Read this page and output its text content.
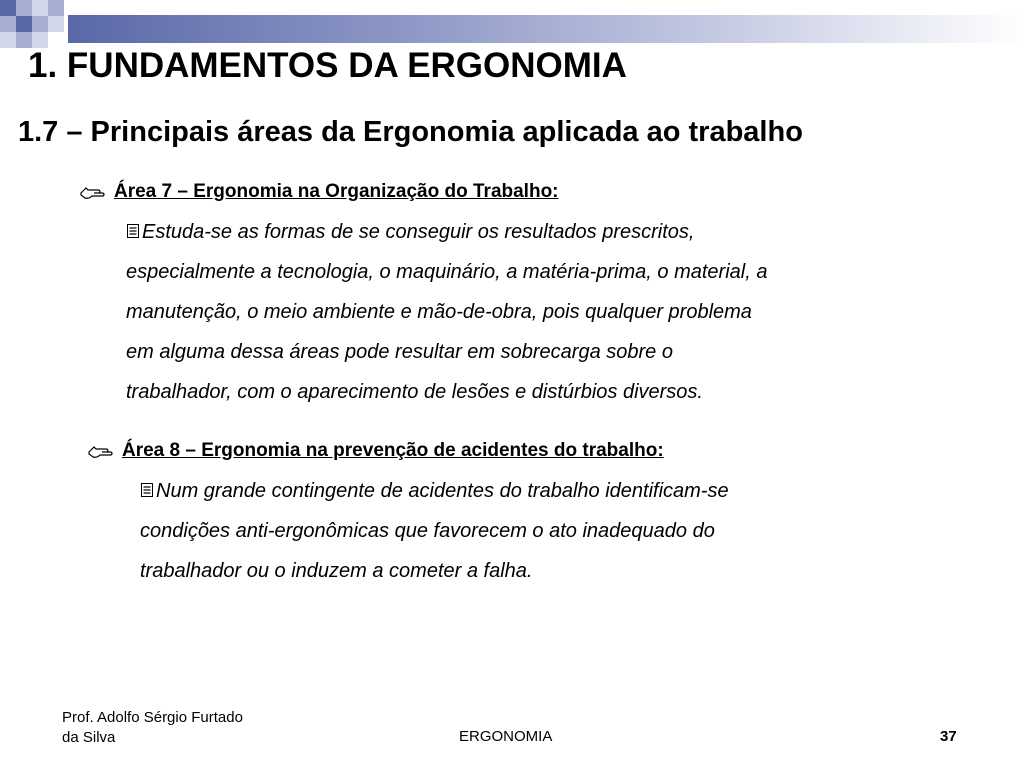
1. FUNDAMENTOS DA ERGONOMIA
1.7 – Principais áreas da Ergonomia aplicada ao trabalho
Área 7 – Ergonomia na Organização do Trabalho:

Estuda-se as formas de se conseguir os resultados prescritos,

especialmente a tecnologia, o maquinário, a matéria-prima, o material, a

manutenção, o meio ambiente e mão-de-obra, pois qualquer problema

em alguma dessa áreas pode resultar em sobrecarga sobre o

trabalhador, com o aparecimento de lesões e distúrbios diversos.

Área 8 – Ergonomia na prevenção de acidentes do trabalho:

Num grande contingente de acidentes do trabalho identificam-se

condições anti-ergonômicas que favorecem o ato inadequado do

trabalhador ou o induzem a cometer a falha.

Prof. Adolfo Sérgio Furtado
da Silva	ERGONOMIA	37
